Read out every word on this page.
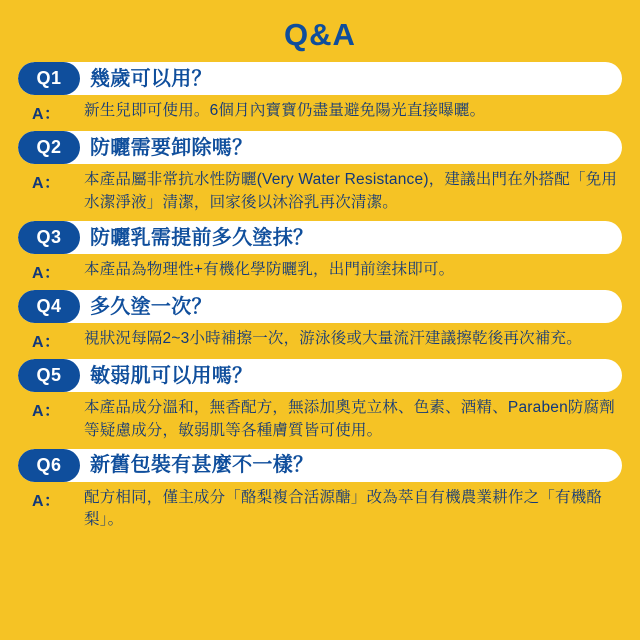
Q&A
Q1	幾歲可以用？
A：	新生兒即可使用。6個月內寶寶仍盡量避免陽光直接曝曬。
Q2	防曬需要卸除嗎？
A：	本產品屬非常抗水性防曬(Very Water Resistance)，建議出門在外搭配「免用水潔淨液」清潔，回家後以沐浴乳再次清潔。
Q3	防曬乳需提前多久塗抹？
A：	本產品為物理性+有機化學防曬乳，出門前塗抹即可。
Q4	多久塗一次？
A：	視狀況每隔2~3小時補擦一次，游泳後或大量流汗建議擦乾後再次補充。
Q5	敏弱肌可以用嗎？
A：	本產品成分溫和，無香配方，無添加奧克立林、色素、酒精、Paraben防腐劑等疑慮成分，敏弱肌等各種膚質皆可使用。
Q6	新舊包裝有甚麼不一樣？
A：	配方相同，僅主成分「酪梨複合活源醣」改為萃自有機農業耕作之「有機酪梨」。
